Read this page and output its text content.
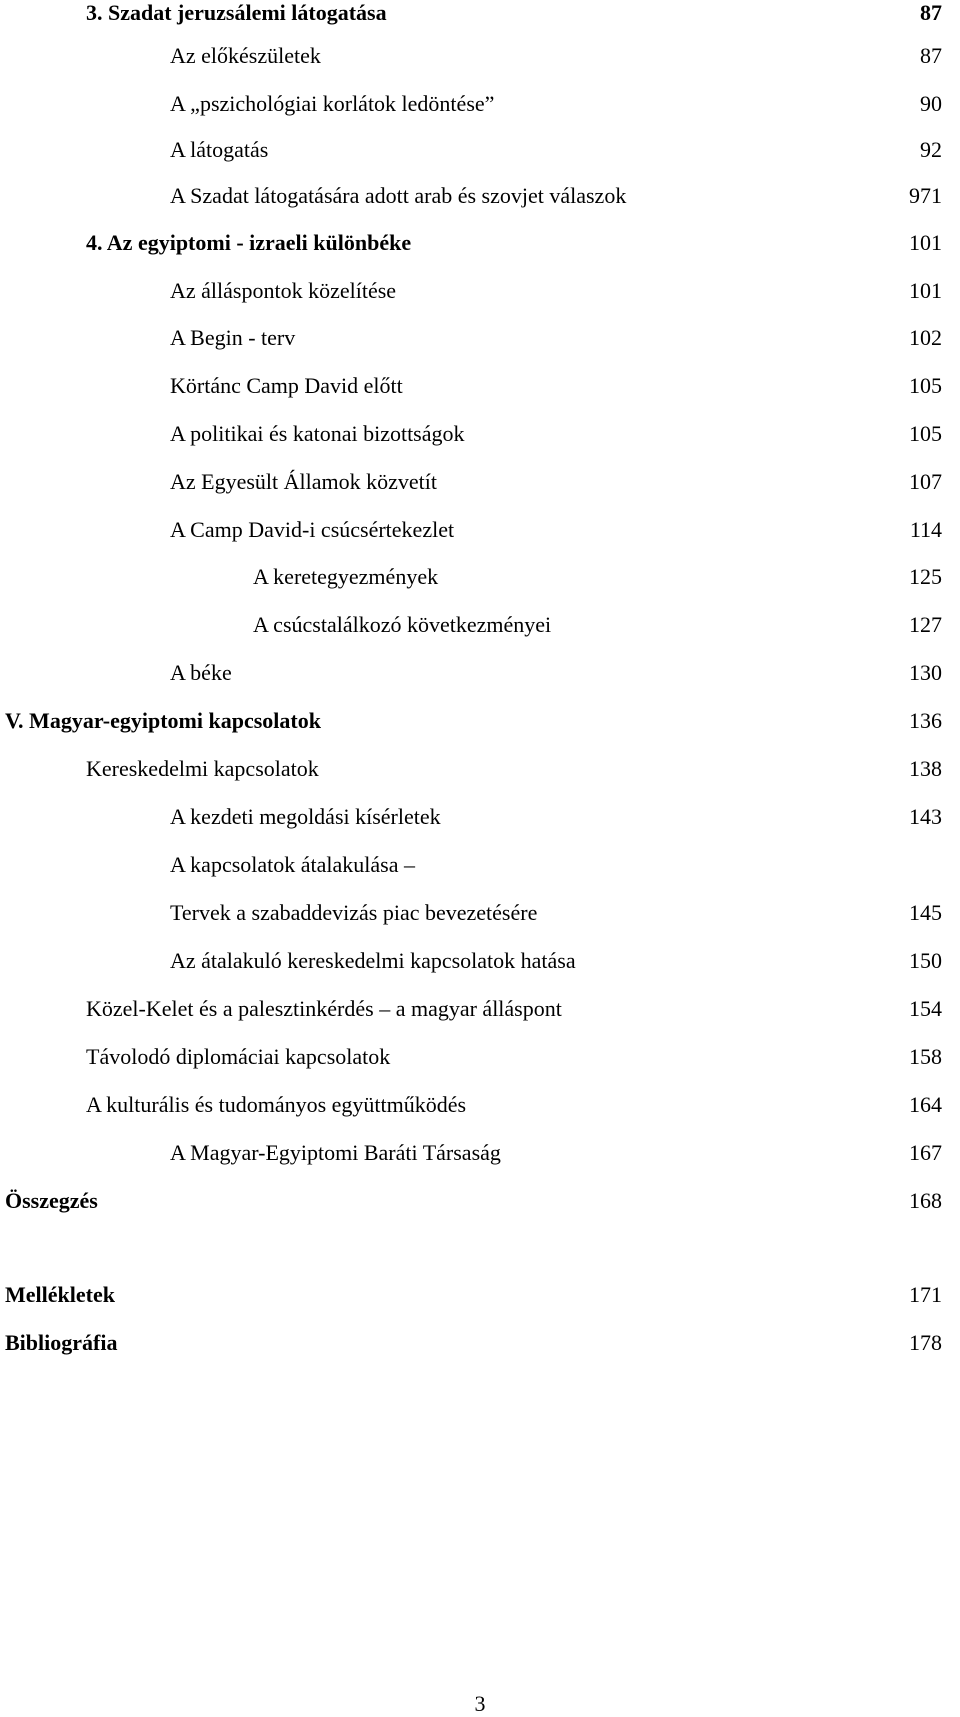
3. Szadat jeruzsálemi látogatása	87
Az előkészületek	87
A „pszichológiai korlátok ledöntése”	90
A látogatás	92
A Szadat látogatására adott arab és szovjet válaszok	971
4. Az egyiptomi - izraeli különbéke	101
Az álláspontok közelítése	101
A Begin - terv	102
Körtánc Camp David előtt	105
A politikai és katonai bizottságok	105
Az Egyesült Államok közvetít	107
A Camp David-i csúcsértekezlet	114
A keretegyezmények	125
A csúcstalálkozó következményei	127
A béke	130
V. Magyar-egyiptomi kapcsolatok	136
Kereskedelmi kapcsolatok	138
A kezdeti megoldási kísérletek	143
A kapcsolatok átalakulása –
Tervek a szabaddevizás piac bevezetésére	145
Az átalakuló kereskedelmi kapcsolatok hatása	150
Közel-Kelet és a palesztinkérdés – a magyar álláspont	154
Távolodó diplomáciai kapcsolatok	158
A kulturális és tudományos együttműködés	164
A Magyar-Egyiptomi Baráti Társaság	167
Összegzés	168
Mellékletek	171
Bibliográfia	178
3
